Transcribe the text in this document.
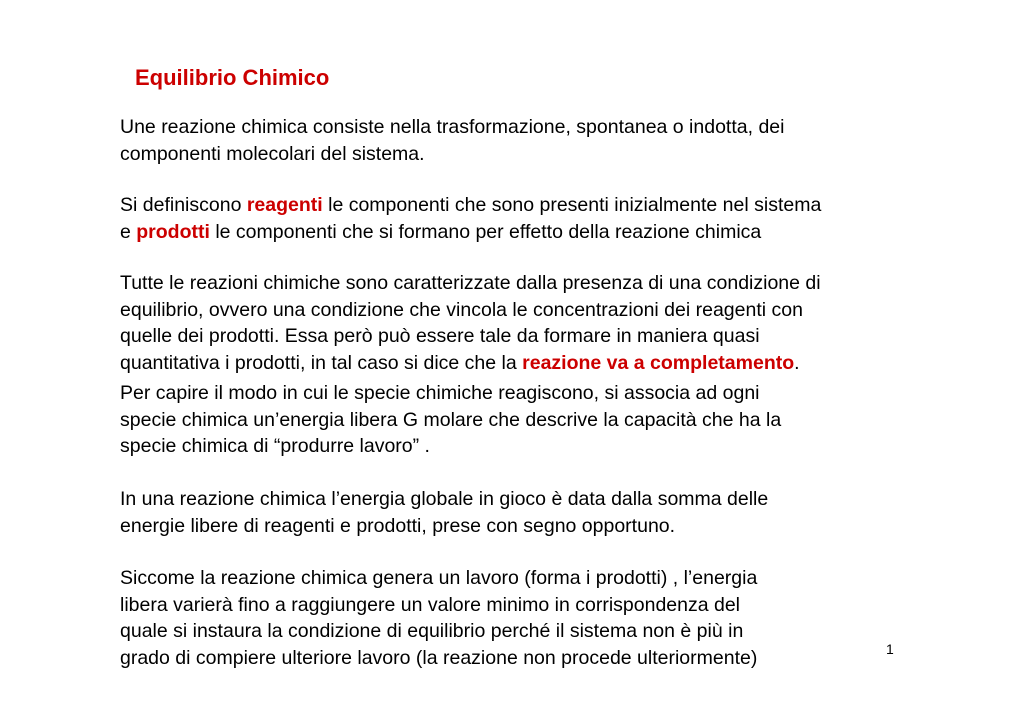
Equilibrio Chimico

Une reazione chimica consiste nella trasformazione, spontanea o indotta, dei
componenti molecolari del sistema.

Si definiscono reagenti le componenti che sono presenti inizialmente nel sistema
e prodotti le componenti che si formano per effetto della reazione chimica

Tutte le reazioni chimiche sono caratterizzate dalla presenza di una condizione di
equilibrio, ovvero una condizione che vincola le concentrazioni dei reagenti con
quelle dei prodotti. Essa però può essere tale da formare in maniera quasi
quantitativa i prodotti, in tal caso si dice che la reazione va a completamento.

Per capire il modo in cui le specie chimiche reagiscono, si associa ad ogni
specie chimica un’energia libera G molare che descrive la capacità che ha la
specie chimica di “produrre lavoro” .

In una reazione chimica l’energia globale in gioco è data dalla somma delle
energie libere di reagenti e prodotti, prese con segno opportuno.

Siccome la reazione chimica genera un lavoro (forma i prodotti) , l’energia
libera varierà fino a raggiungere un valore minimo in corrispondenza del
quale si instaura la condizione di equilibrio perché il sistema non è più in
grado di compiere ulteriore lavoro (la reazione non procede ulteriormente)	1
